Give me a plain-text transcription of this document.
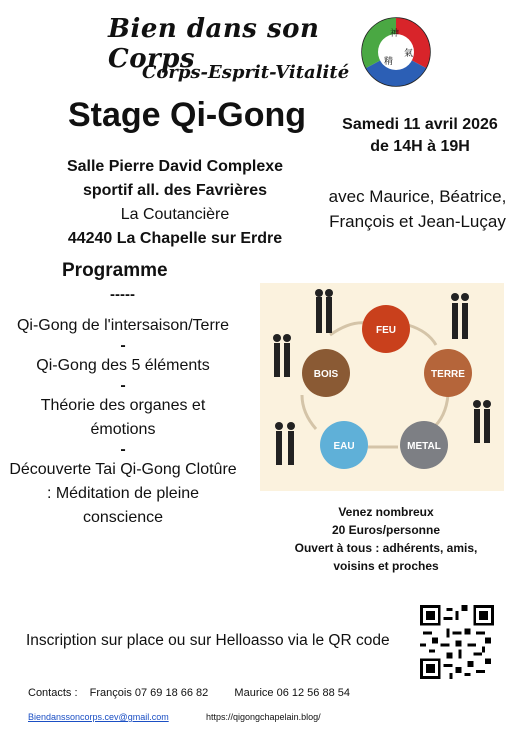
Bien dans son Corps
Corps-Esprit-Vitalité
神
氣
精
Stage Qi-Gong	Samedi 11 avril 2026
de 14H à 19H
Salle Pierre David Complexe
sportif all. des Favrières
La Coutancière
44240 La Chapelle sur Erdre
avec Maurice, Béatrice,
François et Jean-Luçay
Programme
-----
Qi-Gong de l'intersaison/Terre
-
Qi-Gong des 5 éléments
-
Théorie des organes et émotions
-
Découverte Tai Qi-Gong Clotûre : Méditation de pleine conscience
FEU
TERRE
METAL
EAU
BOIS
Venez nombreux
20 Euros/personne
Ouvert à tous : adhérents, amis,
voisins et proches
Inscription sur place ou sur Helloasso via le QR code
Contacts : François 07 69 18 66 82 Maurice 06 12 56 88 54
Biendanssoncorps.cev@gmail.com	https://qigongchapelain.blog/
